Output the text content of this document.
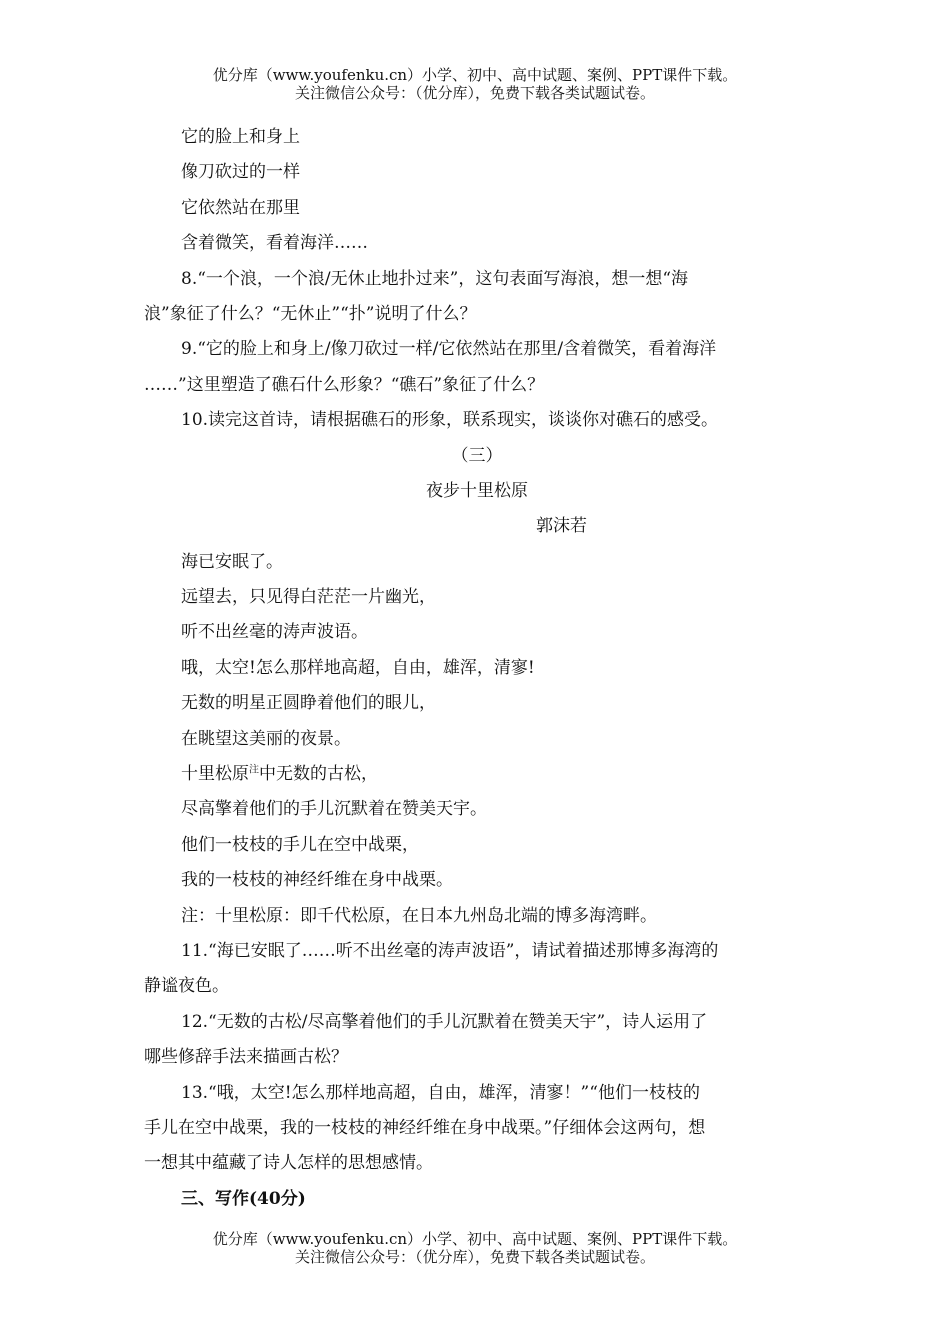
优分库（www.youfenku.cn）小学、初中、高中试题、案例、PPT课件下载。
关注微信公众号：（优分库），免费下载各类试题试卷。
它的脸上和身上
像刀砍过的一样
它依然站在那里
含着微笑，看着海洋……
8.“一个浪，一个浪/无休止地扑过来”，这句表面写海浪，想一想“海
浪”象征了什么？“无休止”“扑”说明了什么？
9.“它的脸上和身上/像刀砍过一样/它依然站在那里/含着微笑，看着海洋
……”这里塑造了礁石什么形象？“礁石”象征了什么？
10.读完这首诗，请根据礁石的形象，联系现实，谈谈你对礁石的感受。
（三）
夜步十里松原
郭沫若
海已安眠了。
远望去，只见得白茫茫一片幽光，
听不出丝毫的涛声波语。
哦，太空!怎么那样地高超，自由，雄浑，清寥!
无数的明星正圆睁着他们的眼儿，
在眺望这美丽的夜景。
十里松原$^注$中无数的古松，
尽高擎着他们的手儿沉默着在赞美天宇。
他们一枝枝的手儿在空中战栗，
我的一枝枝的神经纤维在身中战栗。
注：十里松原：即千代松原，在日本九州岛北端的博多海湾畔。
11.“海已安眠了……听不出丝毫的涛声波语”，请试着描述那博多海湾的
静谧夜色。
12.“无数的古松/尽高擎着他们的手儿沉默着在赞美天宇”，诗人运用了
哪些修辞手法来描画古松？
13.“哦，太空!怎么那样地高超，自由，雄浑，清寥！”“他们一枝枝的
手儿在空中战栗，我的一枝枝的神经纤维在身中战栗。”仔细体会这两句，想
一想其中蕴藏了诗人怎样的思想感情。
三、写作(40分)
优分库（www.youfenku.cn）小学、初中、高中试题、案例、PPT课件下载。
关注微信公众号：（优分库），免费下载各类试题试卷。
